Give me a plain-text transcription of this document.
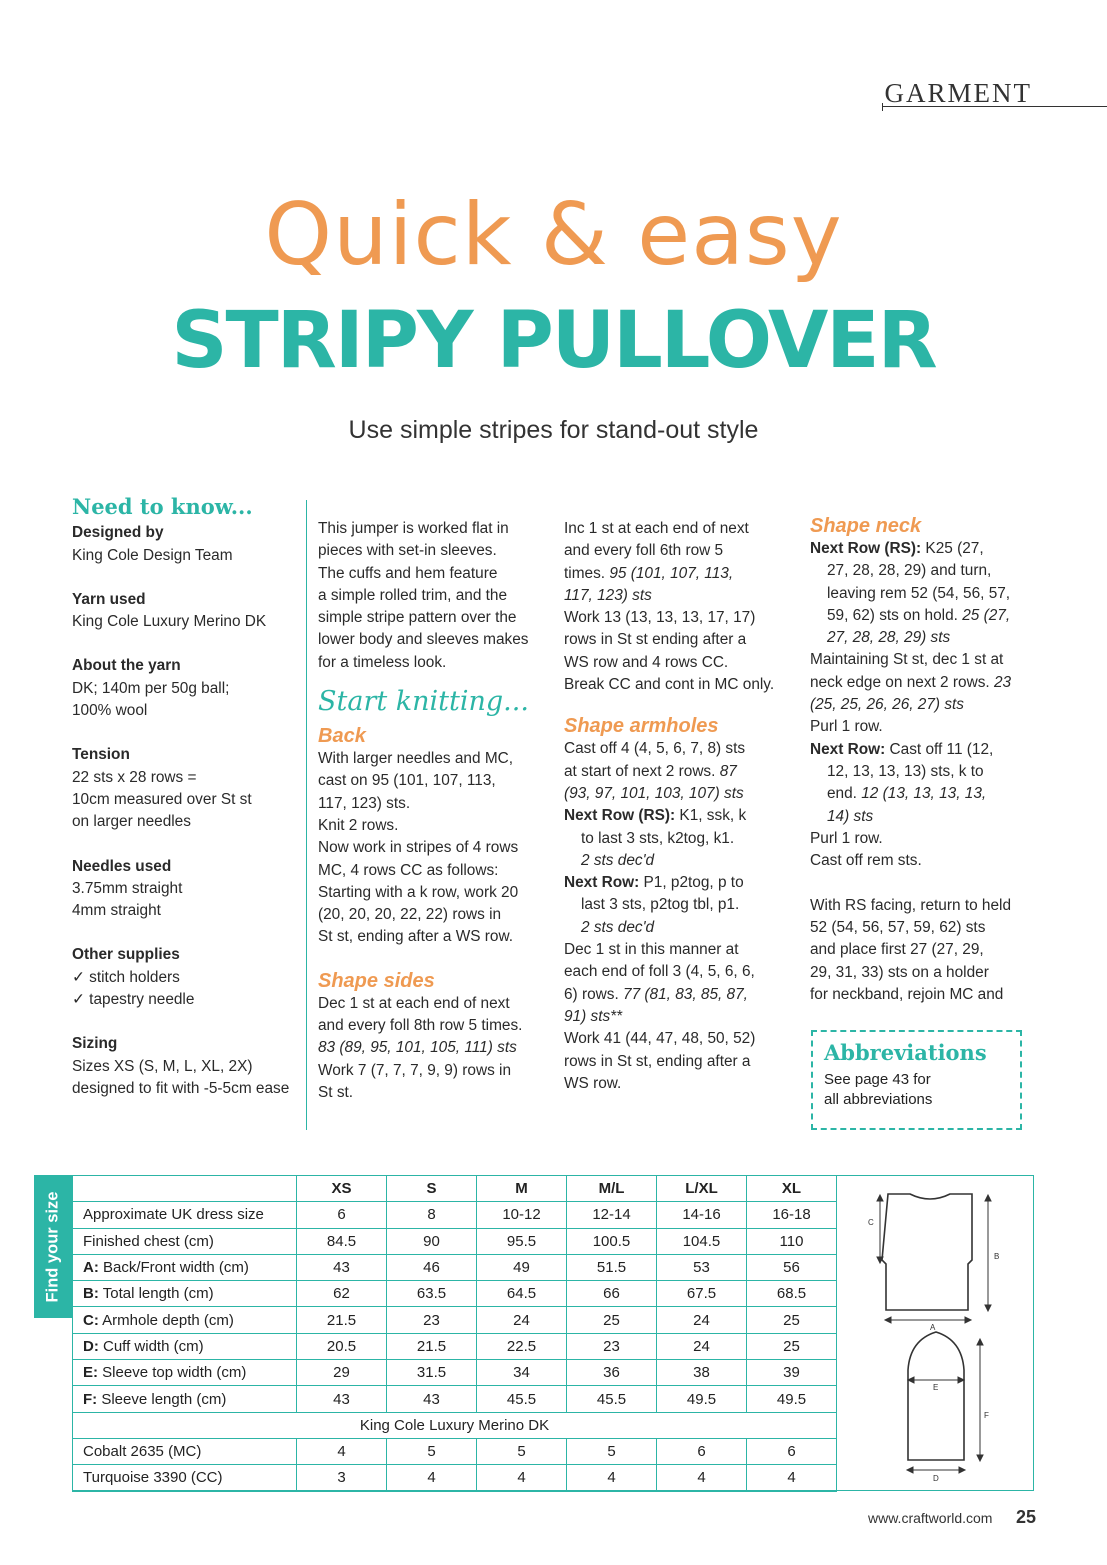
GARMENT
Quick & easy
STRIPY PULLOVER
Use simple stripes for stand-out style
Need to know...

Designed by

King Cole Design Team

Yarn used

King Cole Luxury Merino DK

About the yarn

DK; 140m per 50g ball;

100% wool

Tension

22 sts x 28 rows =

10cm measured over St st

on larger needles

Needles used

3.75mm straight

4mm straight

Other supplies

✓ stitch holders

✓ tapestry needle

Sizing

Sizes XS (S, M, L, XL, 2X)

designed to fit with -5-5cm ease

This jumper is worked flat in

pieces with set-in sleeves.

The cuffs and hem feature

a simple rolled trim, and the

simple stripe pattern over the

lower body and sleeves makes

for a timeless look.

Start knitting...
Back

With larger needles and MC,

cast on 95 (101, 107, 113,

117, 123) sts.

Knit 2 rows.

Now work in stripes of 4 rows

MC, 4 rows CC as follows:

Starting with a k row, work 20

(20, 20, 20, 22, 22) rows in

St st, ending after a WS row.

Shape sides

Dec 1 st at each end of next

and every foll 8th row 5 times.

83 (89, 95, 101, 105, 111) sts

Work 7 (7, 7, 7, 9, 9) rows in

St st.

Inc 1 st at each end of next

and every foll 6th row 5

times. 95 (101, 107, 113,

117, 123) sts

Work 13 (13, 13, 13, 17, 17)

rows in St st ending after a

WS row and 4 rows CC.

Break CC and cont in MC only.

Shape armholes

Cast off 4 (4, 5, 6, 7, 8) sts

at start of next 2 rows. 87

(93, 97, 101, 103, 107) sts

Next Row (RS): K1, ssk, k

to last 3 sts, k2tog, k1.

2 sts dec'd

Next Row: P1, p2tog, p to

last 3 sts, p2tog tbl, p1.

2 sts dec'd

Dec 1 st in this manner at

each end of foll 3 (4, 5, 6, 6,

6) rows. 77 (81, 83, 85, 87,

91) sts**

Work 41 (44, 47, 48, 50, 52)

rows in St st, ending after a

WS row.

Shape neck

Next Row (RS): K25 (27,

27, 28, 28, 29) and turn,

leaving rem 52 (54, 56, 57,

59, 62) sts on hold. 25 (27,

27, 28, 28, 29) sts

Maintaining St st, dec 1 st at

neck edge on next 2 rows. 23

(25, 25, 26, 26, 27) sts

Purl 1 row.

Next Row: Cast off 11 (12,

12, 13, 13, 13) sts, k to

end. 12 (13, 13, 13, 13,

14) sts

Purl 1 row.

Cast off rem sts.

With RS facing, return to held

52 (54, 56, 57, 59, 62) sts

and place first 27 (27, 29,

29, 31, 33) sts on a holder

for neckband, rejoin MC and

Abbreviations
See page 43 for
all abbreviations
Find your size
	XS	S	M	M/L	L/XL	XL
Approximate UK dress size	6	8	10-12	12-14	14-16	16-18
Finished chest (cm)	84.5	90	95.5	100.5	104.5	110
A: Back/Front width (cm)	43	46	49	51.5	53	56
B: Total length (cm)	62	63.5	64.5	66	67.5	68.5
C: Armhole depth (cm)	21.5	23	24	25	24	25
D: Cuff width (cm)	20.5	21.5	22.5	23	24	25
E: Sleeve top width (cm)	29	31.5	34	36	38	39
F: Sleeve length (cm)	43	43	45.5	45.5	49.5	49.5
King Cole Luxury Merino DK						
Cobalt 2635 (MC)	4	5	5	5	6	6
Turquoise 3390 (CC)	3	4	4	4	4	4
C
B
A
E
F
D
www.craftworld.com 25
